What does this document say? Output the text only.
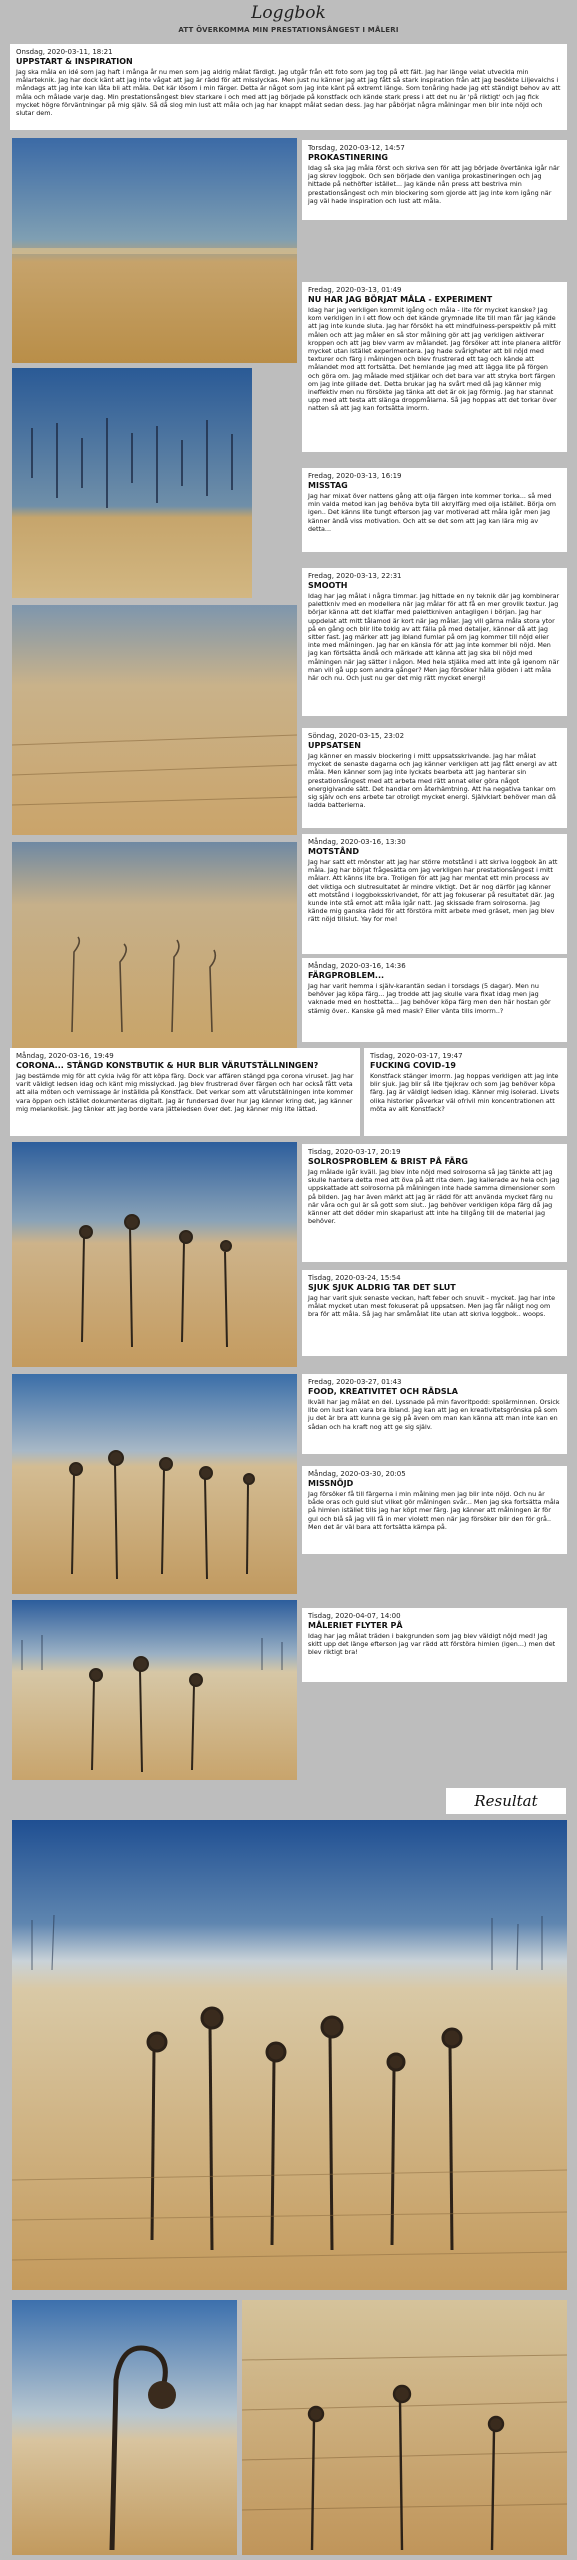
Loggbok
ATT ÖVERKOMMA MIN PRESTATIONSÅNGEST I MÅLERI
Onsdag, 2020-03-11, 18:21
UPPSTART & INSPIRATION
Jag ska måla en idé som jag haft i många år nu men som jag aldrig målat färdigt. Jag utgår från ett foto som jag tog på ett fält. Jag har länge velat utveckla min målarteknik. Jag har dock känt att jag inte vågat att jag är rädd för att misslyckas. Men just nu känner jag att jag fått så stark inspiration från att jag besökte Liljevalchs i måndags att jag inte kan låta bli att måla. Det kär lösom i min färger. Detta är något som jag inte känt på extremt länge. Som tonåring hade jag ett ständigt behov av att måla och målade varje dag. Min prestationsångest blev starkare i och med att jag började på konstfack och kände stark press i att det nu är 'på riktigt' och jag fick mycket högre förväntningar på mig själv. Så då slog min lust att måla och jag har knappt målat sedan dess. Jag har påbörjat några målningar men blir inte nöjd och slutar dem.
Torsdag, 2020-03-12, 14:57
PROKASTINERING
Idag så ska jag måla först och skriva sen för att jag började övertänka igår när jag skrev loggbok. Och sen började den vanliga prokastineringen och jag hittade på nethöfter istället... Jag kände nån press att bestriva min prestationsångest och min blockering som gjorde att jag inte kom igång när jag väl hade inspiration och lust att måla.
Fredag, 2020-03-13, 01:49
NU HAR JAG BÖRJAT MÅLA - EXPERIMENT
Idag har jag verkligen kommit igång och måla - lite för mycket kanske? Jag kom verkligen in i ett flow och det kände grymnade lite till man får jag kände att jag inte kunde sluta. Jag har försökt ha ett mindfulness-perspektiv på mitt målen och att jag måler en så stor målning gör att jag verkligen aktiverar kroppen och att jag blev varm av målandet. Jag försöker att inte planera alltför mycket utan istället experimentera. Jag hade svårigheter att bli nöjd med texturer och färg i målningen och blev frustrerad ett tag och kände att målandet mod att fortsätta. Det hemlande jag med att lägga lite på förgen och göra om. Jag målade med stjälkar och det bara var att stryka bort färgen om jag inte gillade det. Detta brukar jag ha svårt med då jag känner mig ineffektiv men nu försökte jag tänka att det är ok jag förmig. Jag har stannat upp med att testa att slänga droppmålarna. Så jag hoppas att det torkar över natten så att jag kan fortsätta imorrn.
Fredag, 2020-03-13, 16:19
MISSTAG
Jag har mixat över nattens gång att olja färgen inte kommer torka... så med min valda metod kan jag behöva byta till akrylfärg med olja istället. Börja om igen.. Det känns lite tungt efterson jag var motiverad att måla igår men jag känner ändå viss motivation. Och att se det som att jag kan lära mig av detta...
Fredag, 2020-03-13, 22:31
SMOOTH
Idag har jag målat i några timmar. Jag hittade en ny teknik där jag kombinerar palettkniv med en modellera när jag målar för att få en mer grovlik textur. Jag börjar känna att det klaffar med palettkniven antagligen i början. Jag har uppdelat att mitt tålamod är kort när jag målar. Jag vill gärna måla stora ytor på en gång och blir lite tokig av att fälla på med detaljer, känner då att jag sitter fast. Jag märker att jag ibland fumlar på om jag kommer till nöjd eller inte med målningen. Jag har en känsla för att jag inte kommer bli nöjd. Men jag kan förtsätta ändå och märkade att känna att jag ska bli nöjd med målningen när jag sätter i någon. Med hela stjälka med att inte gå igenom när man vill gå upp som andra gånger? Men jag försöker hålla glöden i att måla här och nu. Och just nu ger det mig rätt mycket energi!
Söndag, 2020-03-15, 23:02
UPPSATSEN
Jag känner en massiv blockering i mitt uppsatsskrivande. Jag har målat mycket de senaste dagarna och jag känner verkligen att jag fått energi av att måla. Men känner som jag inte lyckats bearbeta att jag hanterar sin prestationsångest med att arbeta med rätt annat eller göra något energigivande sätt. Det handlar om återhämtning. Att ha negativa tankar om sig själv och ens arbete tar otroligt mycket energi. Självklart behöver man då ladda batterierna.
Måndag, 2020-03-16, 13:30
MOTSTÅND
Jag har satt ett mönster att jag har större motstånd i att skriva loggbok än att måla. Jag har börjat frågesätta om jag verkligen har prestationsångest i mitt målarr. Att känns lite bra. Troligen för att jag har mentat ett min process av det viktiga och slutresultatet är mindre viktigt. Det är nog därför jag känner ett motstånd i loggboksskrivandet, för att jag fokuserar på resultatet där. Jag kunde inte stå emot att måla igår natt. Jag skissade fram solrosorna. Jag kände mig ganska rädd för att förstöra mitt arbete med gräset, men jag blev rätt nöjd tillslut. Yay for me!
Måndag, 2020-03-16, 14:36
FÄRGPROBLEM...
Jag har varit hemma i själv-karantän sedan i torsdags (5 dagar). Men nu behöver jag köpa färg... Jag trodde att jag skulle vara fixat idag men jag vaknade med en hosttetta... Jag behöver köpa färg men den här hostan gör stämig över.. Kanske gå med mask? Eller vänta tills imorrn..?
Måndag, 2020-03-16, 19:49
CORONA... STÄNGD KONSTBUTIK & HUR BLIR VÄRUTSTÄLLNINGEN?
Jag bestämde mig för att cykla iväg för att köpa färg. Dock var affären stängd pga corona viruset. Jag har varit väldigt ledsen idag och känt mig misslyckad. Jag blev frustrerad över färgen och har också fått veta att alla möten och vernissage är inställda på Konstfack. Det verkar som att vårutställningen inte kommer vara öppen och istället dokumenteras digitalt. Jag är fundersad över hur jag känner kring det, jag känner mig melankolisk. Jag tänker att jag borde vara jätteledsen över det. Jag känner mig lite lättad.
Tisdag, 2020-03-17, 19:47
FUCKING COVID-19
Konstfack stänger imorrn. Jag hoppas verkligen att jag inte blir sjuk. Jag blir så lite tjejkrav och som jag behöver köpa färg. Jag är väldigt ledsen idag. Känner mig isolerad. Livets olika historier påverkar väl ofrivil min koncentrationen att möta av allt Konstfack?
Tisdag, 2020-03-17, 20:19
SOLROSPROBLEM & BRIST PÅ FÄRG
Jag målade igår kväll. Jag blev inte nöjd med solrosorna så jag tänkte att jag skulle hantera detta med att öva på att rita dem. Jag kallerade av hela och jag uppskattade att solrosorna på målningen inte hade samma dimensioner som på bilden. Jag har även märkt att jag är rädd för att använda mycket färg nu när våra och gul är så gott som slut.. Jag behöver verkligen köpa färg då jag känner att det döder min skaparlust att inte ha tillgång till de material jag behöver.
Tisdag, 2020-03-24, 15:54
SJUK SJUK ALDRIG TAR DET SLUT
Jag har varit sjuk senaste veckan, haft feber och snuvit - mycket. Jag har inte målat mycket utan mest fokuserat på uppsatsen. Men jag får nåligt nog om bra för att måla. Så jag har småmålat lite utan att skriva loggbok.. woops.
Fredag, 2020-03-27, 01:43
FOOD, KREATIVITET OCH RÄDSLA
Ikväll har jag målat en del. Lyssnade på min favoritpodd: spolärminnen. Orsick lite om lust kan vara bra ibland. Jag kan att jag en kreativitetsgrönska på som ju det är bra att kunna ge sig på även om man kan känna att man inte kan en sådan och ha kraft nog att ge sig själv.
Måndag, 2020-03-30, 20:05
MISSNÖJD
Jag försöker få till färgerna i min målning men jag blir inte nöjd. Och nu är både oras och guld slut vilket gör målningen svår... Men jag ska fortsätta måla på himlen istället tills jag har köpt mer färg. Jag känner att målningen är för gul och blå så jag vill få in mer violett men när jag försöker blir den för grå.. Men det är väl bara att fortsätta kämpa på.
Tisdag, 2020-04-07, 14:00
MÅLERIET FLYTER PÅ
Idag har jag målat träden i bakgrunden som jag blev väldigt nöjd med! Jag skitt upp det länge efterson jag var rädd att förstöra himlen (igen...) men det blev riktigt bra!
Resultat
